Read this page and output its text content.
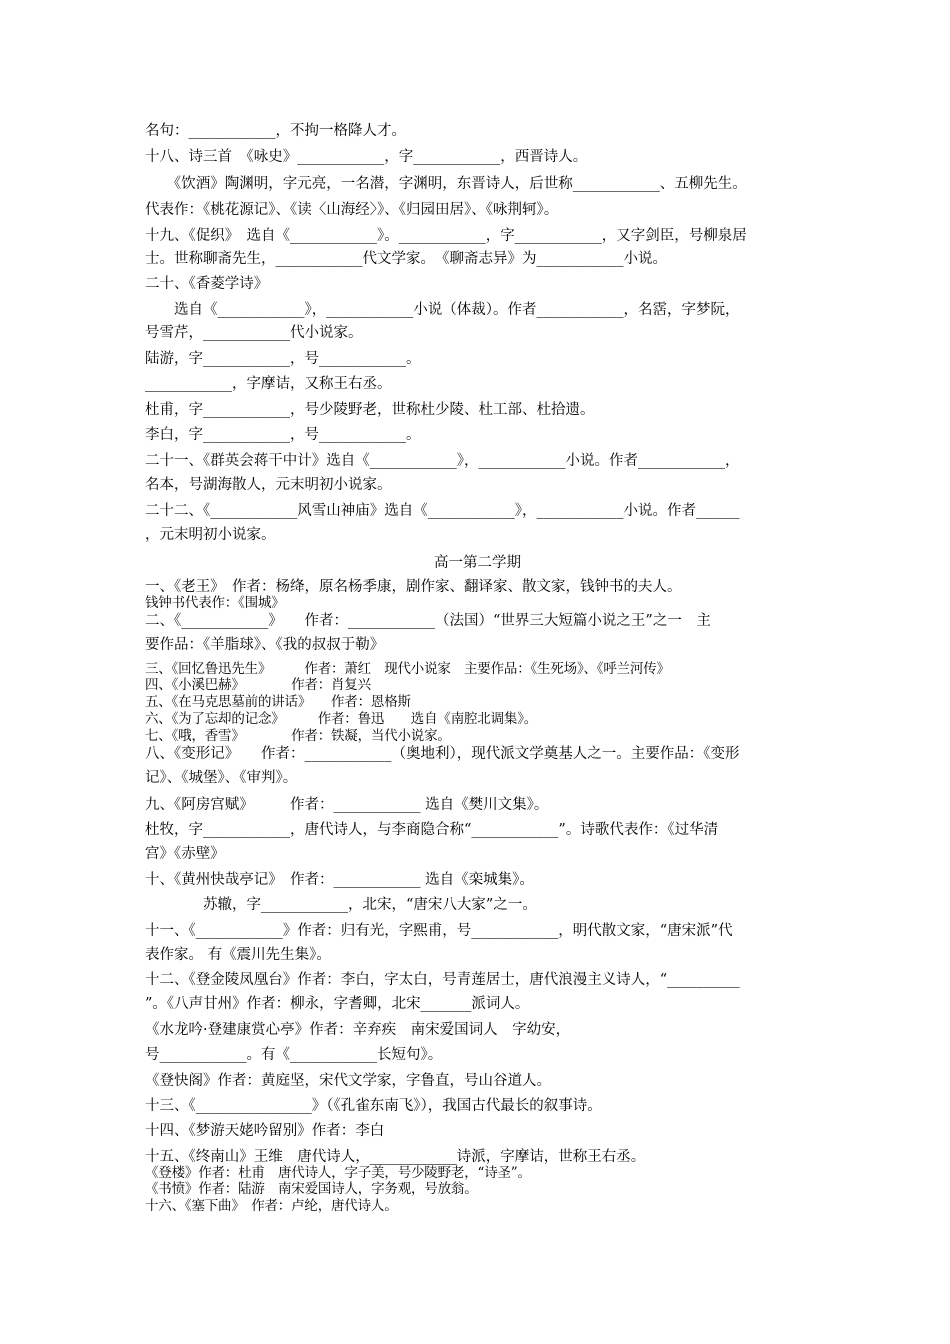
名句：____________，不拘一格降人才。
十八、诗三首　《咏史》____________，字____________，西晋诗人。
　　《饮酒》陶渊明，字元亮，一名潜，字渊明，东晋诗人，后世称____________、五柳先生。
代表作：《桃花源记》、《读〈山海经〉》、《归园田居》、《咏荆轲》。
十九、《促织》　选自《____________》。____________，字____________，又字剑臣，号柳泉居
士。世称聊斋先生，____________代文学家。　《聊斋志异》为____________小说。
二十、《香菱学诗》
　　选自《____________》，____________小说（体裁）。作者____________，名霑，字梦阮，
号雪芹，____________代小说家。
陆游，字____________，号____________。
____________，字摩诘，又称王右丞。
杜甫，字____________，号少陵野老，世称杜少陵、杜工部、杜拾遗。
李白，字____________，号____________。
二十一、《群英会蒋干中计》选自《____________》，____________小说。作者____________，
名本，号湖海散人，元末明初小说家。
二十二、《____________风雪山神庙》选自《____________》，____________小说。作者______
，元末明初小说家。
高一第二学期
一、《老王》　作者：杨绛，原名杨季康，剧作家、翻译家、散文家，钱钟书的夫人。
钱钟书代表作：《围城》
二、《____________》　　作者：____________（法国）“世界三大短篇小说之王”之一　主
要作品：《羊脂球》、《我的叔叔于勒》
三、《回忆鲁迅先生》　　　作者：萧红　现代小说家　主要作品：《生死场》、《呼兰河传》
四、《小溪巴赫》　　　　作者：肖复兴
五、《在马克思墓前的讲话》　　作者：恩格斯
六、《为了忘却的记念》　　　作者：鲁迅　　选自《南腔北调集》。
七、《哦，香雪》　　　　作者：铁凝，当代小说家。
八、《变形记》　　作者：____________（奥地利），现代派文学奠基人之一。主要作品：《变形
记》、《城堡》、《审判》。
九、《阿房宫赋》　　　作者：____________ 选自《樊川文集》。
杜牧，字____________，唐代诗人，与李商隐合称“____________”。诗歌代表作：《过华清
宫》《赤壁》
十、《黄州快哉亭记》　作者：____________ 选自《栾城集》。
　　　　苏辙，字____________，北宋，“唐宋八大家”之一。
十一、《____________》作者：归有光，字熙甫，号____________，明代散文家，“唐宋派”代
表作家。 有《震川先生集》。
十二、《登金陵凤凰台》作者：李白，字太白，号青莲居士，唐代浪漫主义诗人，“__________
”。《八声甘州》作者：柳永，字耆卿，北宋_______派词人。
《水龙吟·登建康赏心亭》作者：辛弃疾　南宋爱国词人　字幼安，
号____________。有《____________长短句》。
《登快阁》作者：黄庭坚，宋代文学家，字鲁直，号山谷道人。
十三、《________________》（《孔雀东南飞》），我国古代最长的叙事诗。
十四、《梦游天姥吟留别》作者：李白
十五、《终南山》王维　唐代诗人，____________诗派，字摩诘，世称王右丞。
《登楼》作者：杜甫　唐代诗人，字子美，号少陵野老，“诗圣”。
《书愤》作者：陆游　南宋爱国诗人，字务观，号放翁。
十六、《塞下曲》　作者：卢纶，唐代诗人。
